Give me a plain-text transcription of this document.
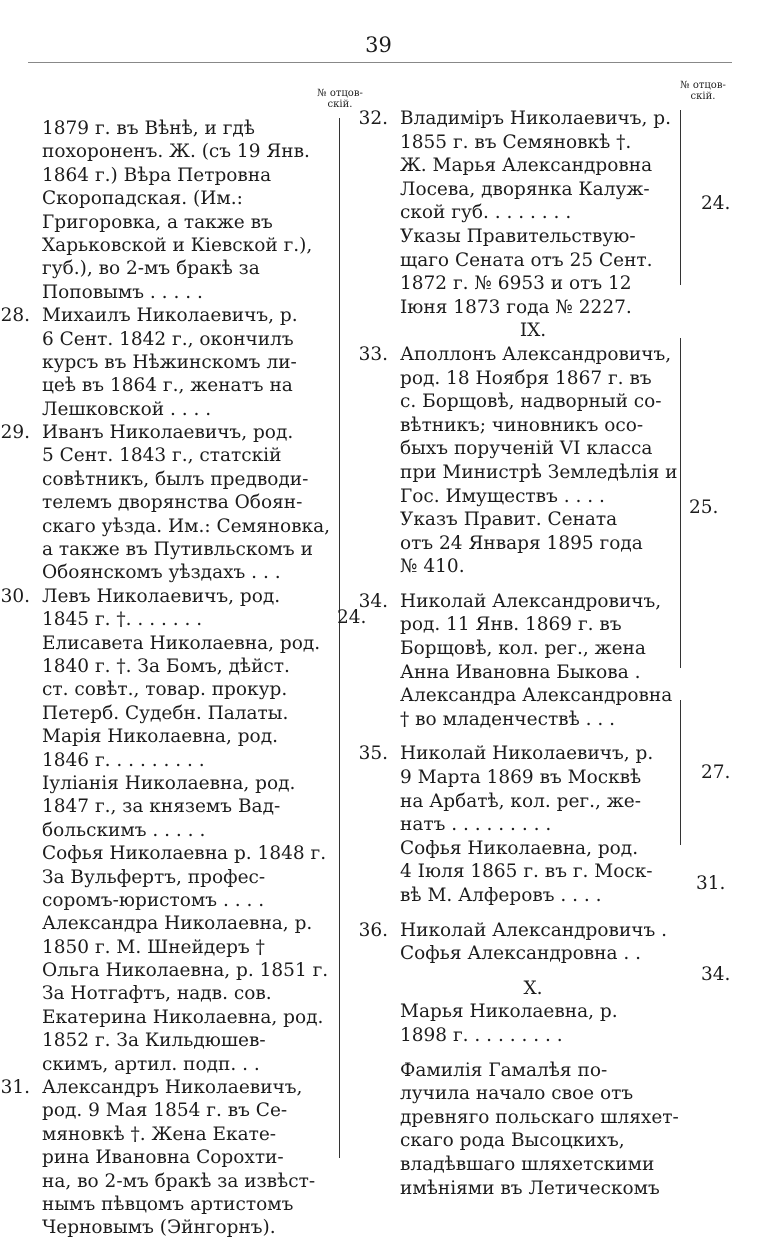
39
№ отцов-
скій.
№ отцов-
скій.
1879 г. въ Вѣнѣ, и гдѣ
похороненъ. Ж. (съ 19 Янв.
1864 г.) Вѣра Петровна
Скоропадская. (Им.:
Григоровка, а также въ
Харьковской и Кіевской г.),
губ.), во 2-мъ бракѣ за
Поповымъ . . . . .
28. Михаилъ Николаевичъ, р.
6 Сент. 1842 г., окончилъ
курсъ въ Нѣжинскомъ ли-
цеѣ въ 1864 г., женатъ на
Лешковской . . . .
29. Иванъ Николаевичъ, род.
5 Сент. 1843 г., статскій
совѣтникъ, былъ предводи-
телемъ дворянства Обоян-
скаго уѣзда. Им.: Семяновка,
а также въ Путивльскомъ и
Обоянскомъ уѣздахъ . . .
30. Левъ Николаевичъ, род.
1845 г. †. . . . . . .
Елисавета Николаевна, род.
1840 г. †. За Бомъ, дѣйст.
ст. совѣт., товар. прокур.
Петерб. Судебн. Палаты.
Марія Николаевна, род.
1846 г. . . . . . . . .
Іуліанія Николаевна, род.
1847 г., за княземъ Вад-
больскимъ . . . . .
Софья Николаевна р. 1848 г.
За Вульфертъ, профес-
соромъ-юристомъ . . . .
Александра Николаевна, р.
1850 г. М. Шнейдеръ †
Ольга Николаевна, р. 1851 г.
За Нотгафтъ, надв. сов.
Екатерина Николаевна, род.
1852 г. За Кильдюшев-
скимъ, артил. подп. . .
31. Александръ Николаевичъ,
род. 9 Мая 1854 г. въ Се-
мяновкѣ †. Жена Екате-
рина Ивановна Сорохти-
на, во 2-мъ бракѣ за извѣст-
нымъ пѣвцомъ артистомъ
Черновымъ (Эйнгорнъ).
24.
32. Владиміръ Николаевичъ, р.
1855 г. въ Семяновкѣ †.
Ж. Марья Александровна
Лосева, дворянка Калуж-
ской губ. . . . . . . .
Указы Правительствую-
щаго Сената отъ 25 Сент.
1872 г. № 6953 и отъ 12
Іюня 1873 года № 2227.
IX.
33. Аполлонъ Александровичъ,
род. 18 Ноября 1867 г. въ
с. Борщовѣ, надворный со-
вѣтникъ; чиновникъ осо-
быхъ порученій VI класса
при Министрѣ Земледѣлія и
Гос. Имуществъ . . . .
Указъ Правит. Сената
отъ 24 Января 1895 года
№ 410.
34. Николай Александровичъ,
род. 11 Янв. 1869 г. въ
Борщовѣ, кол. рег., жена
Анна Ивановна Быкова .
Александра Александровна
† во младенчествѣ . . .
35. Николай Николаевичъ, р.
9 Марта 1869 въ Москвѣ
на Арбатѣ, кол. рег., же-
натъ . . . . . . . . .
Софья Николаевна, род.
4 Іюля 1865 г. въ г. Моск-
вѣ М. Алферовъ . . . .
36. Николай Александровичъ .
Софья Александровна . .
X.
Марья Николаевна, р.
1898 г. . . . . . . . .
Фамилія Гамалѣя по-
лучила начало свое отъ
древняго польскаго шляхет-
скаго рода Высоцкихъ,
владѣвшаго шляхетскими
имѣніями въ Летическомъ
24.
25.
27.
31.
34.
